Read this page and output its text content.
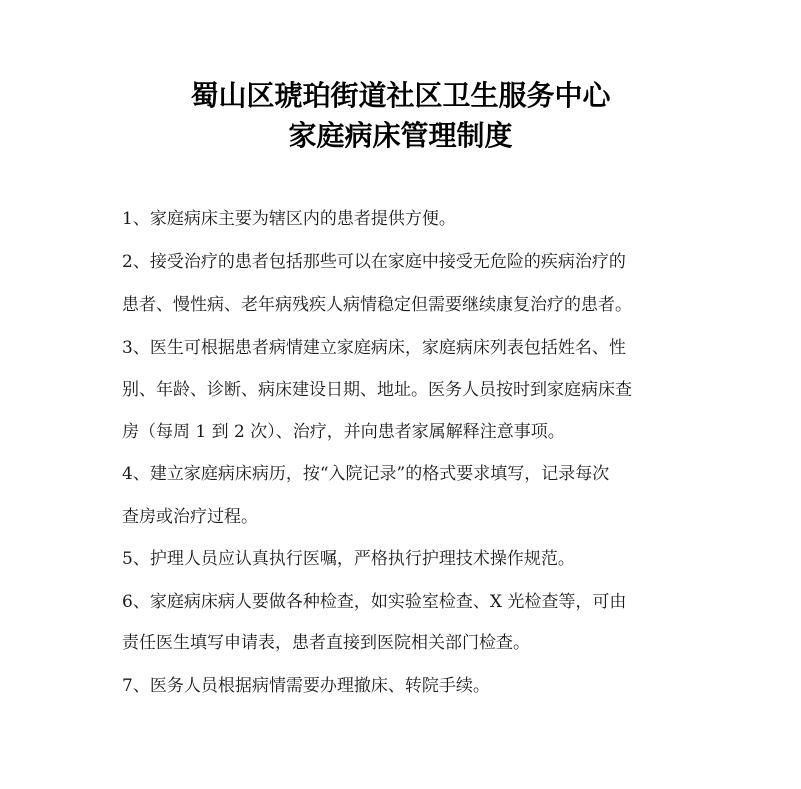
蜀山区琥珀街道社区卫生服务中心
家庭病床管理制度

1、家庭病床主要为辖区内的患者提供方便。

2、接受治疗的患者包括那些可以在家庭中接受无危险的疾病治疗的

患者、慢性病、老年病残疾人病情稳定但需要继续康复治疗的患者。

3、医生可根据患者病情建立家庭病床，家庭病床列表包括姓名、性

别、年龄、诊断、病床建设日期、地址。医务人员按时到家庭病床查

房（每周 1 到 2 次）、治疗，并向患者家属解释注意事项。

4、建立家庭病床病历，按“入院记录”的格式要求填写，记录每次

查房或治疗过程。

5、护理人员应认真执行医嘱，严格执行护理技术操作规范。

6、家庭病床病人要做各种检查，如实验室检查、X 光检查等，可由

责任医生填写申请表，患者直接到医院相关部门检查。

7、医务人员根据病情需要办理撤床、转院手续。
